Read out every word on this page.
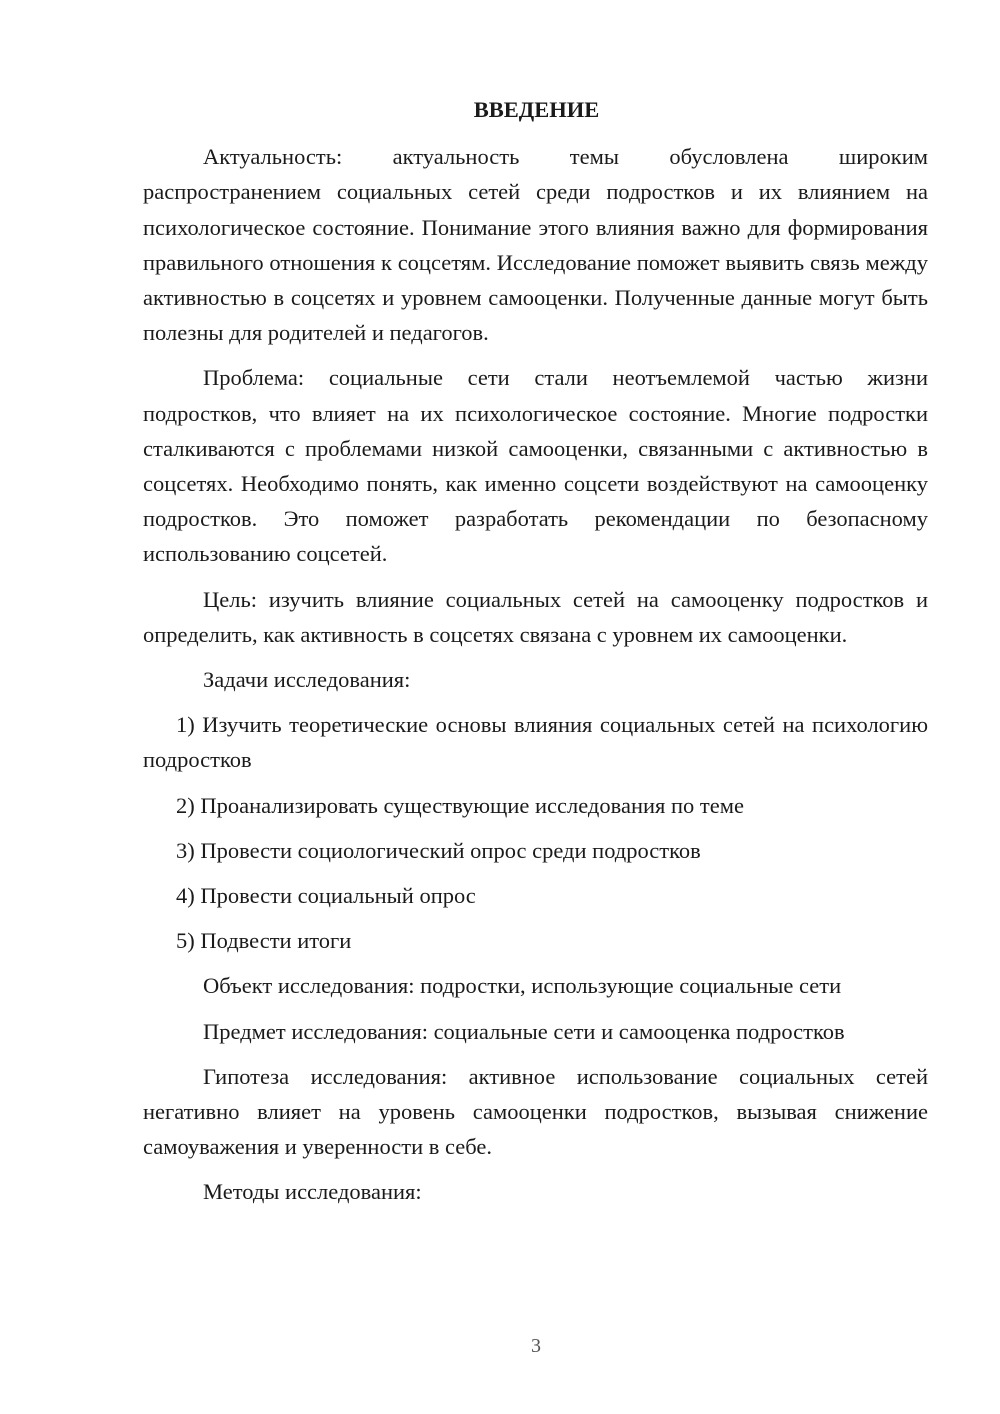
ВВЕДЕНИЕ

Актуальность: актуальность темы обусловлена широким распространением социальных сетей среди подростков и их влиянием на психологическое состояние. Понимание этого влияния важно для формирования правильного отношения к соцсетям. Исследование поможет выявить связь между активностью в соцсетях и уровнем самооценки. Полученные данные могут быть полезны для родителей и педагогов.

Проблема: социальные сети стали неотъемлемой частью жизни подростков, что влияет на их психологическое состояние. Многие подростки сталкиваются с проблемами низкой самооценки, связанными с активностью в соцсетях. Необходимо понять, как именно соцсети воздействуют на самооценку подростков. Это поможет разработать рекомендации по безопасному использованию соцсетей.

Цель: изучить влияние социальных сетей на самооценку подростков и определить, как активность в соцсетях связана с уровнем их самооценки.

Задачи исследования:

1) Изучить теоретические основы влияния социальных сетей на психологию подростков

2) Проанализировать существующие исследования по теме

3) Провести социологический опрос среди подростков

4) Провести социальный опрос

5) Подвести итоги

Объект исследования: подростки, использующие социальные сети

Предмет исследования: социальные сети и самооценка подростков

Гипотеза исследования: активное использование социальных сетей негативно влияет на уровень самооценки подростков, вызывая снижение самоуважения и уверенности в себе.

Методы исследования:

3
